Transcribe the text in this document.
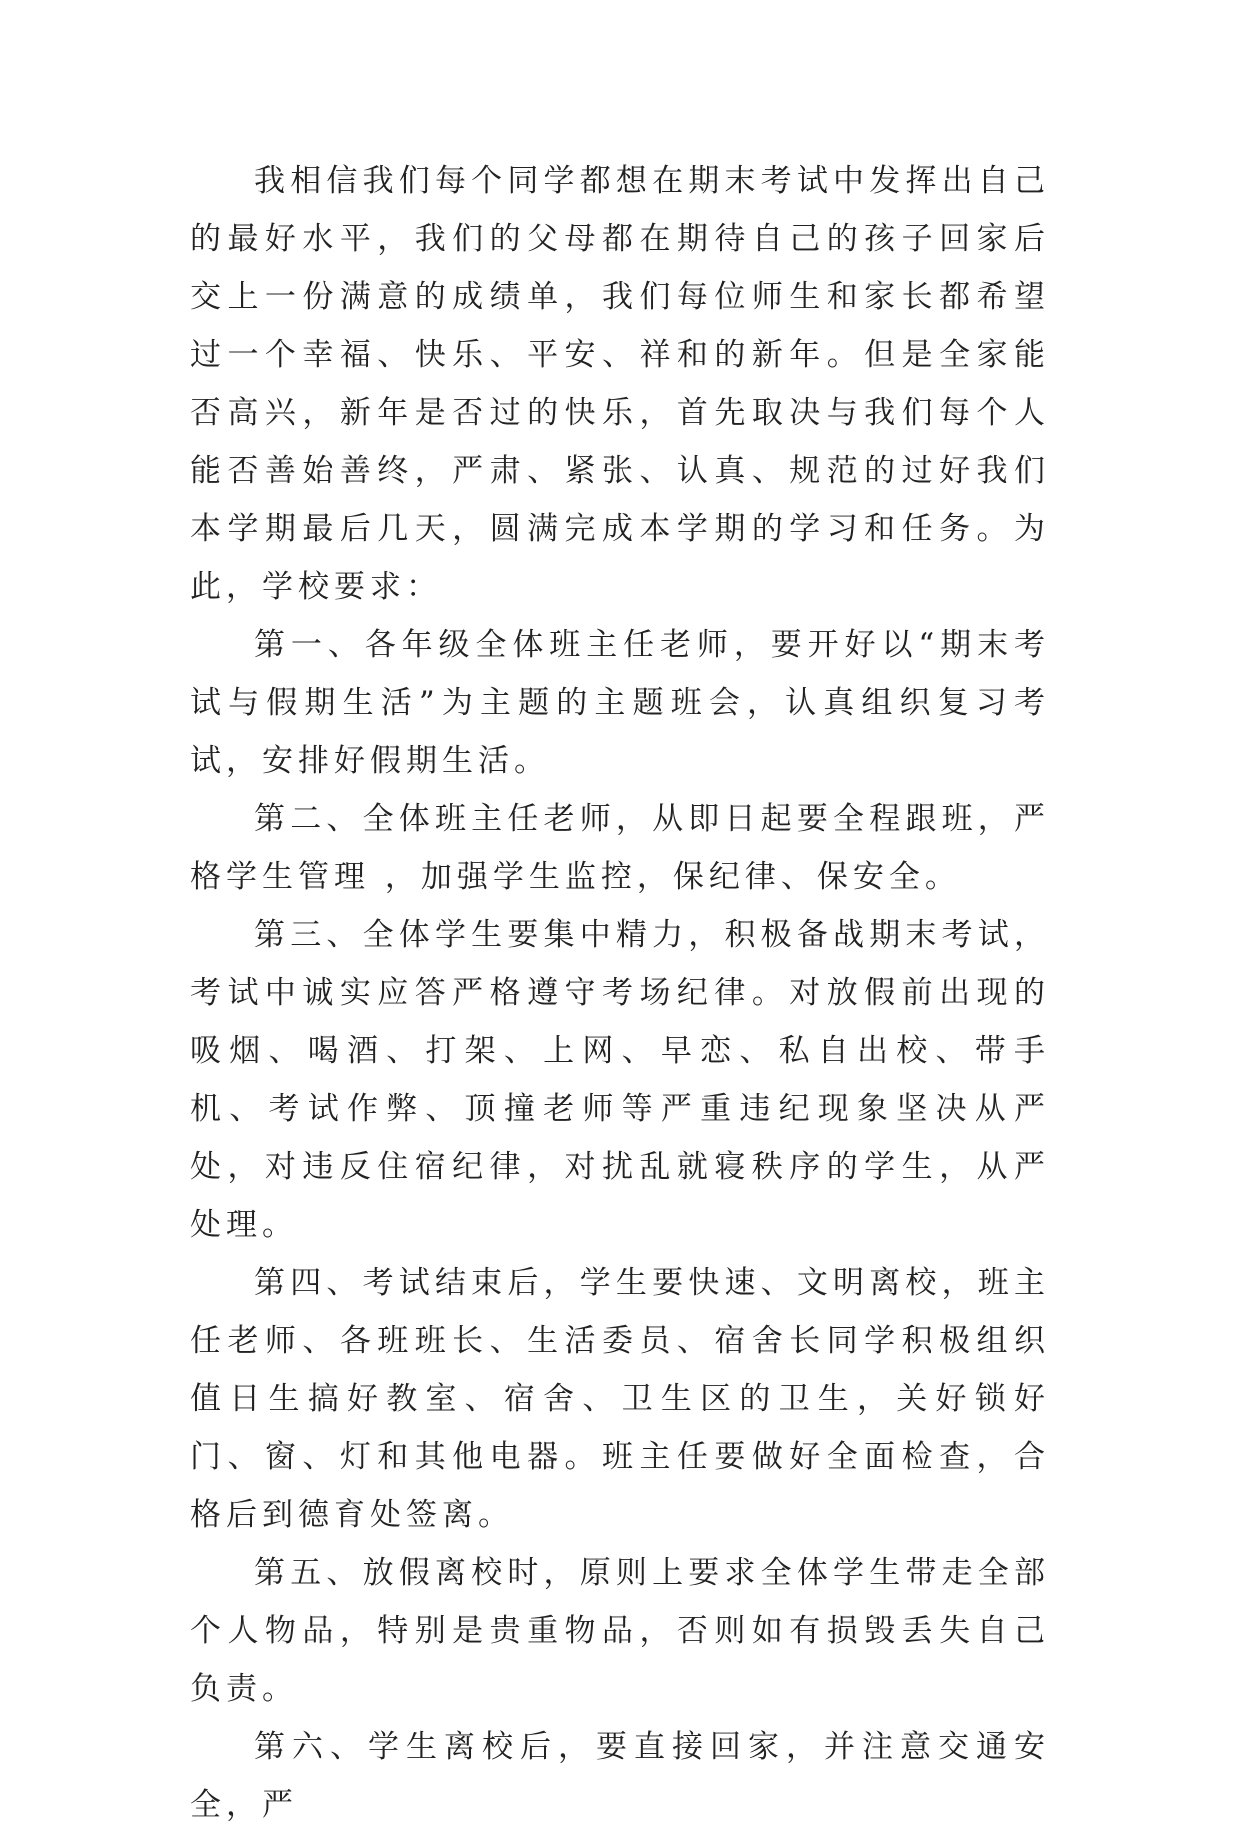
我相信我们每个同学都想在期末考试中发挥出自己的最好水平，我们的父母都在期待自己的孩子回家后交上一份满意的成绩单，我们每位师生和家长都希望过一个幸福、快乐、平安、祥和的新年。但是全家能否高兴，新年是否过的快乐，首先取决与我们每个人能否善始善终，严肃、紧张、认真、规范的过好我们本学期最后几天，圆满完成本学期的学习和任务。为此，学校要求：

第一、各年级全体班主任老师，要开好以“期末考试与假期生活”为主题的主题班会，认真组织复习考试，安排好假期生活。

第二、全体班主任老师，从即日起要全程跟班，严格学生管理 ，加强学生监控，保纪律、保安全。

第三、全体学生要集中精力，积极备战期末考试，考试中诚实应答严格遵守考场纪律。对放假前出现的吸烟、喝酒、打架、上网、早恋、私自出校、带手机、考试作弊、顶撞老师等严重违纪现象坚决从严处，对违反住宿纪律，对扰乱就寝秩序的学生，从严处理。

第四、考试结束后，学生要快速、文明离校，班主任老师、各班班长、生活委员、宿舍长同学积极组织值日生搞好教室、宿舍、卫生区的卫生，关好锁好门、窗、灯和其他电器。班主任要做好全面检查，合格后到德育处签离。

第五、放假离校时，原则上要求全体学生带走全部个人物品，特别是贵重物品，否则如有损毁丢失自己负责。

第六、学生离校后，要直接回家，并注意交通安全，严
